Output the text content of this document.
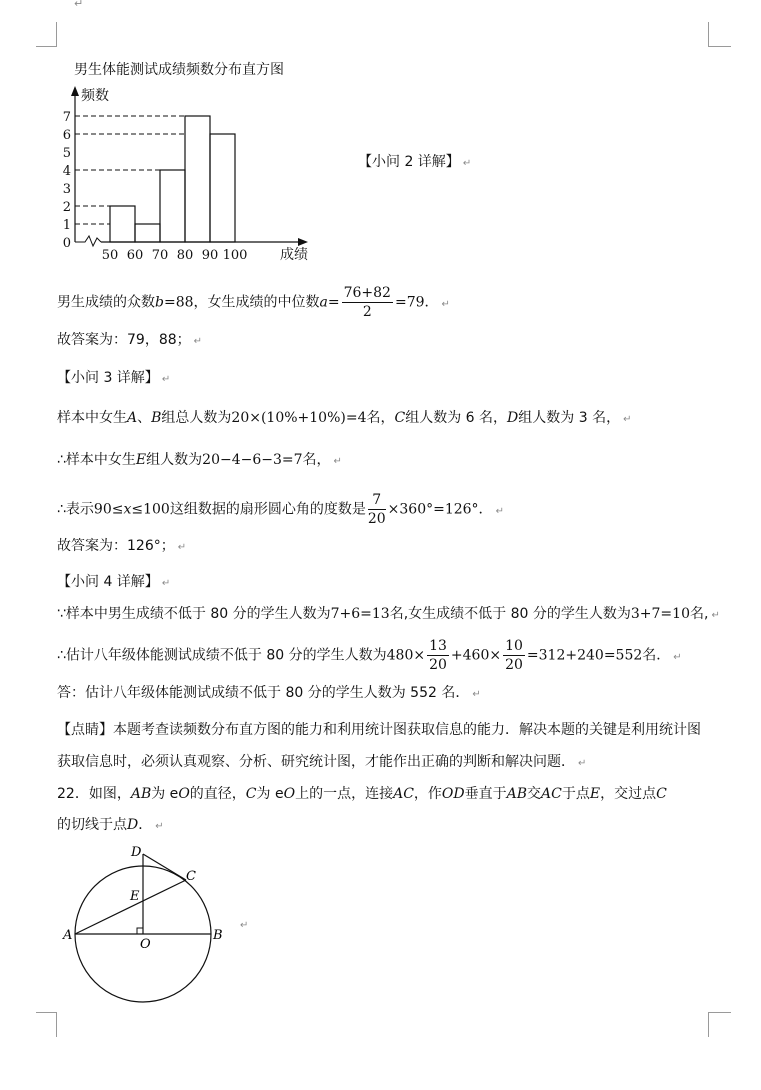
↵
男生体能测试成绩频数分布直方图
0
1
2
3
4
5
6
7
50 60 70 80 90 100
频数
成绩
【小问 2 详解】 ↵
男生成绩的众数b=88，女生成绩的中位数$a= \frac{76+82}{2} =79$． ↵
故答案为：79，88； ↵
【小问 3 详解】 ↵
样本中女生A、B组总人数为20×(10%+10%)=4名，C组人数为 6 名，D组人数为 3 名， ↵
∴样本中女生E组人数为20−4−6−3=7名， ↵
∴表示90≤x≤100这组数据的扇形圆心角的度数是 $\frac{7}{20} \times 360^\circ=126^\circ$． ↵
故答案为：126°； ↵
【小问 4 详解】 ↵
∵样本中男生成绩不低于 80 分的学生人数为7+6=13名,女生成绩不低于 80 分的学生人数为3+7=10名, ↵
∴估计八年级体能测试成绩不低于 80 分的学生人数为$480\times \frac{13}{20} +460\times \frac{10}{20} =312+240=552$名． ↵
答：估计八年级体能测试成绩不低于 80 分的学生人数为 552 名． ↵
【点睛】本题考查读频数分布直方图的能力和利用统计图获取信息的能力．解决本题的关键是利用统计图
获取信息时，必须认真观察、分析、研究统计图，才能作出正确的判断和解决问题． ↵
22．如图，AB为 eO的直径，C为 eO上的一点，连接AC，作OD垂直于AB交AC于点E，交过点C
的切线于点D． ↵
A	B
C
D
E
O
↵
